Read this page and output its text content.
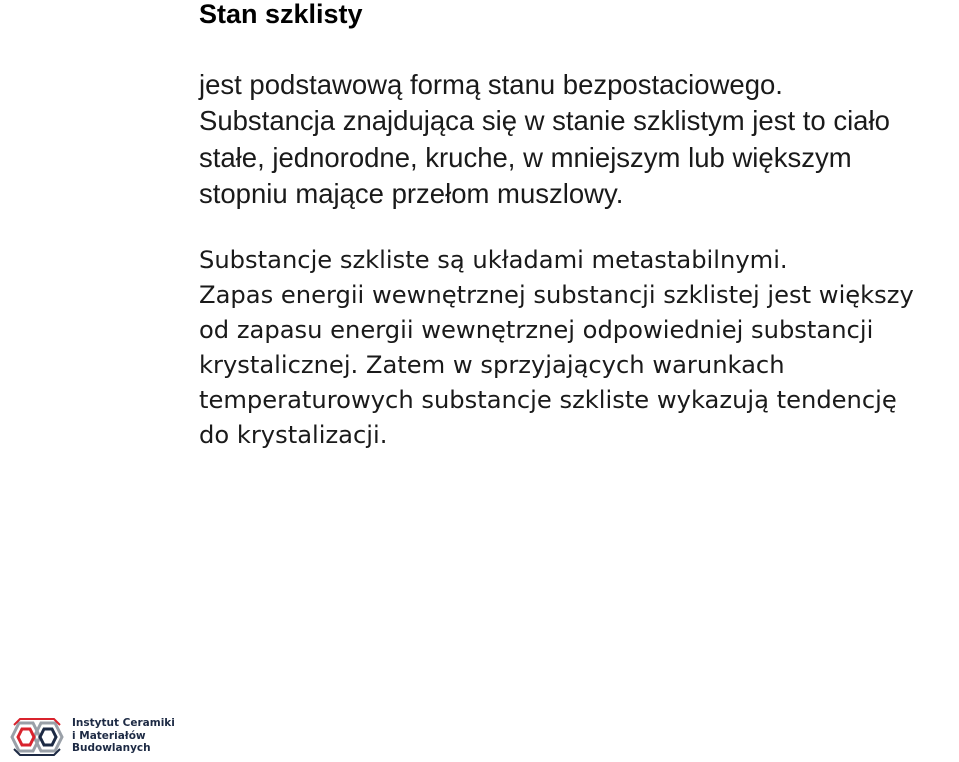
Stan szklisty
jest podstawową formą stanu bezpostaciowego.
Substancja znajdująca się w stanie szklistym jest to ciało
stałe, jednorodne, kruche, w mniejszym lub większym
stopniu mające przełom muszlowy.
Substancje szkliste są układami metastabilnymi.
Zapas energii wewnętrznej substancji szklistej jest większy
od zapasu energii wewnętrznej odpowiedniej substancji
krystalicznej. Zatem w sprzyjających warunkach
temperaturowych substancje szkliste wykazują tendencję
do krystalizacji.
Instytut Ceramiki
i Materiałów
Budowlanych
